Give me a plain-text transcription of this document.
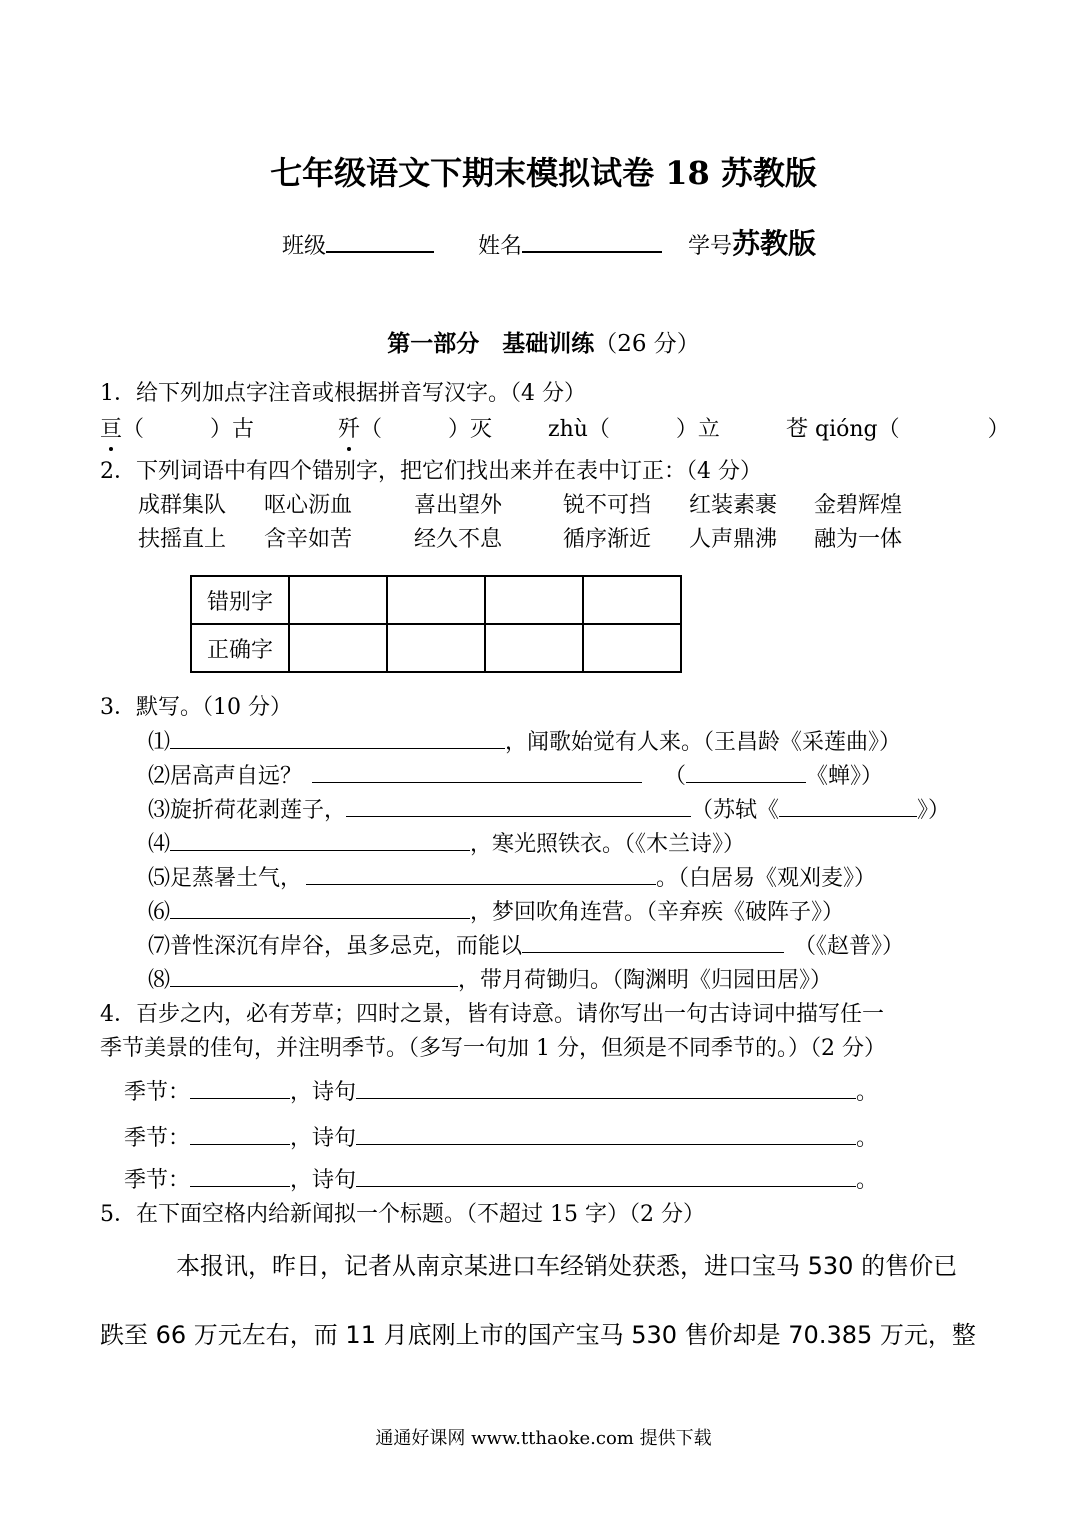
七年级语文下期末模拟试卷 18 苏教版
班级	姓名	学号苏教版
第一部分　基础训练（26 分）
1．给下列加点字注音或根据拼音写汉字。（4 分）
亘（　　　）古	歼（　　　）灭	zhù（　　　）立	苍 qióng（　　　　）
2．下列词语中有四个错别字，把它们找出来并在表中订正：（4 分）
成群集队 呕心沥血	喜出望外	锐不可挡 红装素裹 金碧辉煌
扶摇直上 含辛如苦	经久不息	循序渐近 人声鼎沸 融为一体
错别字				
正确字				
3．默写。（10 分）
⑴	，闻歌始觉有人来。（王昌龄《采莲曲》）
⑵居高声自远？	（	《蝉》）
⑶旋折荷花剥莲子，	（苏轼《	》）
⑷	，寒光照铁衣。（《木兰诗》）
⑸足蒸暑土气，	。（白居易《观刈麦》）
⑹	，梦回吹角连营。（辛弃疾《破阵子》）
⑺普性深沉有岸谷，虽多忌克，而能以	（《赵普》）
⑻	，带月荷锄归。（陶渊明《归园田居》）
4．百步之内，必有芳草；四时之景，皆有诗意。请你写出一句古诗词中描写任一
季节美景的佳句，并注明季节。（多写一句加 1 分，但须是不同季节的。）（2 分）
季节：	，诗句	。
季节：	，诗句	。
季节：	，诗句	。
5．在下面空格内给新闻拟一个标题。（不超过 15 字）（2 分）
本报讯，昨日，记者从南京某进口车经销处获悉，进口宝马 530 的售价已
跌至 66 万元左右，而 11 月底刚上市的国产宝马 530 售价却是 70.385 万元，整
通通好课网 www.tthaoke.com 提供下载
